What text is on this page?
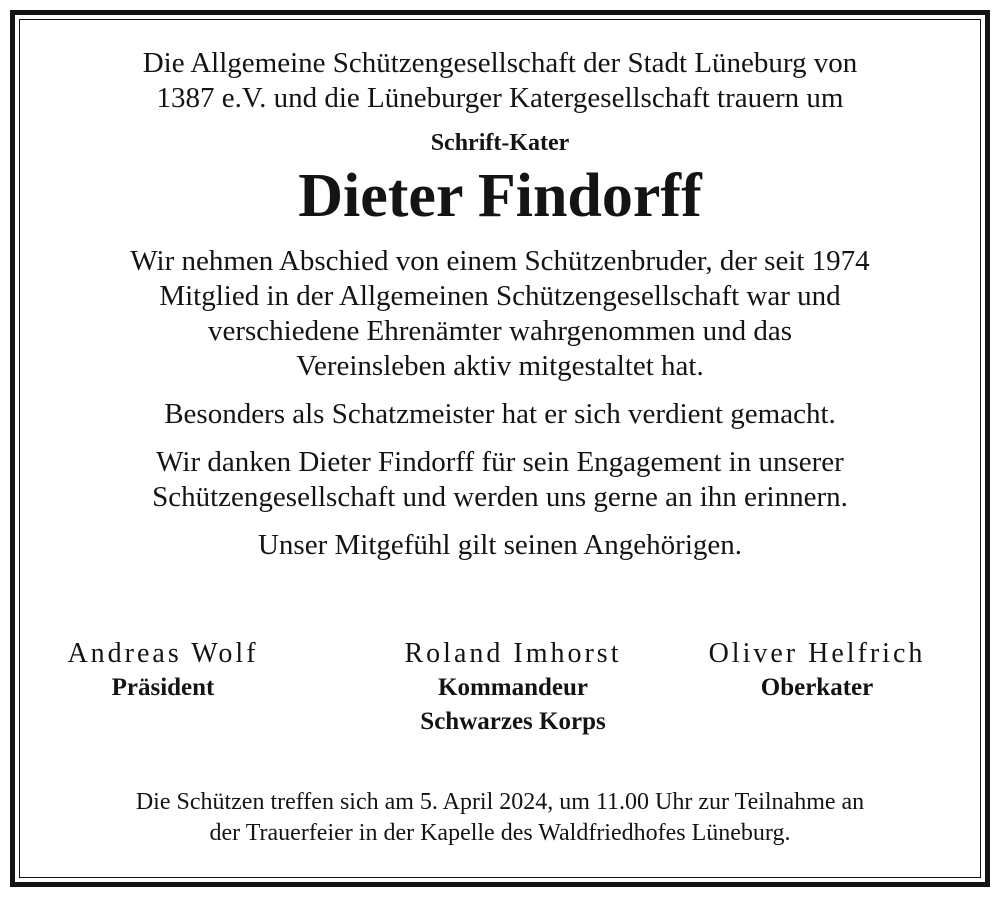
Die Allgemeine Schützengesellschaft der Stadt Lüneburg von
1387 e.V. und die Lüneburger Katergesellschaft trauern um
Schrift-Kater
Dieter Findorff
Wir nehmen Abschied von einem Schützenbruder, der seit 1974
Mitglied in der Allgemeinen Schützengesellschaft war und
verschiedene Ehrenämter wahrgenommen und das
Vereinsleben aktiv mitgestaltet hat.
Besonders als Schatzmeister hat er sich verdient gemacht.
Wir danken Dieter Findorff für sein Engagement in unserer
Schützengesellschaft und werden uns gerne an ihn erinnern.
Unser Mitgefühl gilt seinen Angehörigen.
Andreas Wolf
Präsident
Roland Imhorst
Kommandeur
Schwarzes Korps
Oliver Helfrich
Oberkater
Die Schützen treffen sich am 5. April 2024, um 11.00 Uhr zur Teilnahme an
der Trauerfeier in der Kapelle des Waldfriedhofes Lüneburg.
